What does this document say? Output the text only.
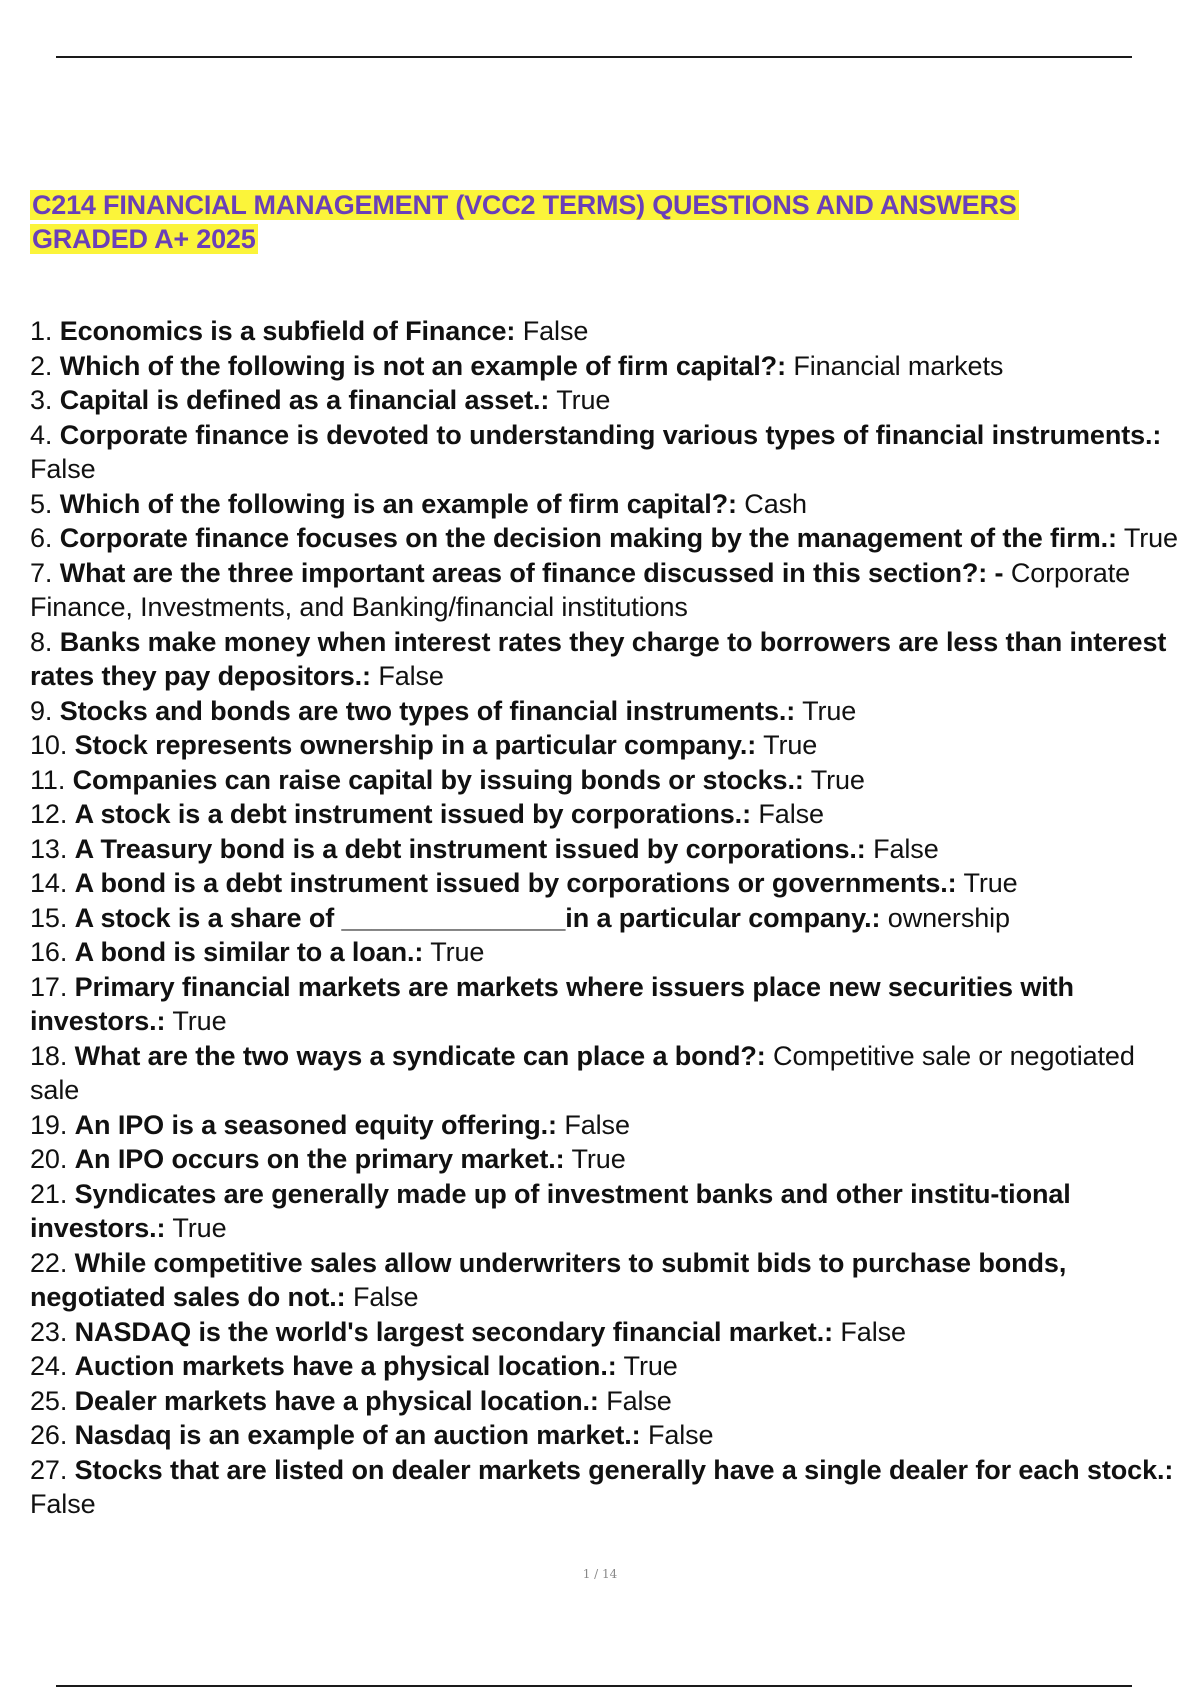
C214 FINANCIAL MANAGEMENT (VCC2 TERMS) QUESTIONS AND ANSWERS
GRADED A+ 2025
1. Economics is a subfield of Finance: False
2. Which of the following is not an example of firm capital?: Financial markets
3. Capital is defined as a financial asset.: True
4. Corporate finance is devoted to understanding various types of financial instruments.: False
5. Which of the following is an example of firm capital?: Cash
6. Corporate finance focuses on the decision making by the management of the firm.: True
7. What are the three important areas of finance discussed in this section?: - Corporate Finance, Investments, and Banking/financial institutions
8. Banks make money when interest rates they charge to borrowers are less than interest rates they pay depositors.: False
9. Stocks and bonds are two types of financial instruments.: True
10. Stock represents ownership in a particular company.: True
11. Companies can raise capital by issuing bonds or stocks.: True
12. A stock is a debt instrument issued by corporations.: False
13. A Treasury bond is a debt instrument issued by corporations.: False
14. A bond is a debt instrument issued by corporations or governments.: True
15. A stock is a share of _______________in a particular company.: ownership
16. A bond is similar to a loan.: True
17. Primary financial markets are markets where issuers place new securities with investors.: True
18. What are the two ways a syndicate can place a bond?: Competitive sale or negotiated sale
19. An IPO is a seasoned equity offering.: False
20. An IPO occurs on the primary market.: True
21. Syndicates are generally made up of investment banks and other institu-tional investors.: True
22. While competitive sales allow underwriters to submit bids to purchase bonds, negotiated sales do not.: False
23. NASDAQ is the world's largest secondary financial market.: False
24. Auction markets have a physical location.: True
25. Dealer markets have a physical location.: False
26. Nasdaq is an example of an auction market.: False
27. Stocks that are listed on dealer markets generally have a single dealer for each stock.: False
1 / 14
